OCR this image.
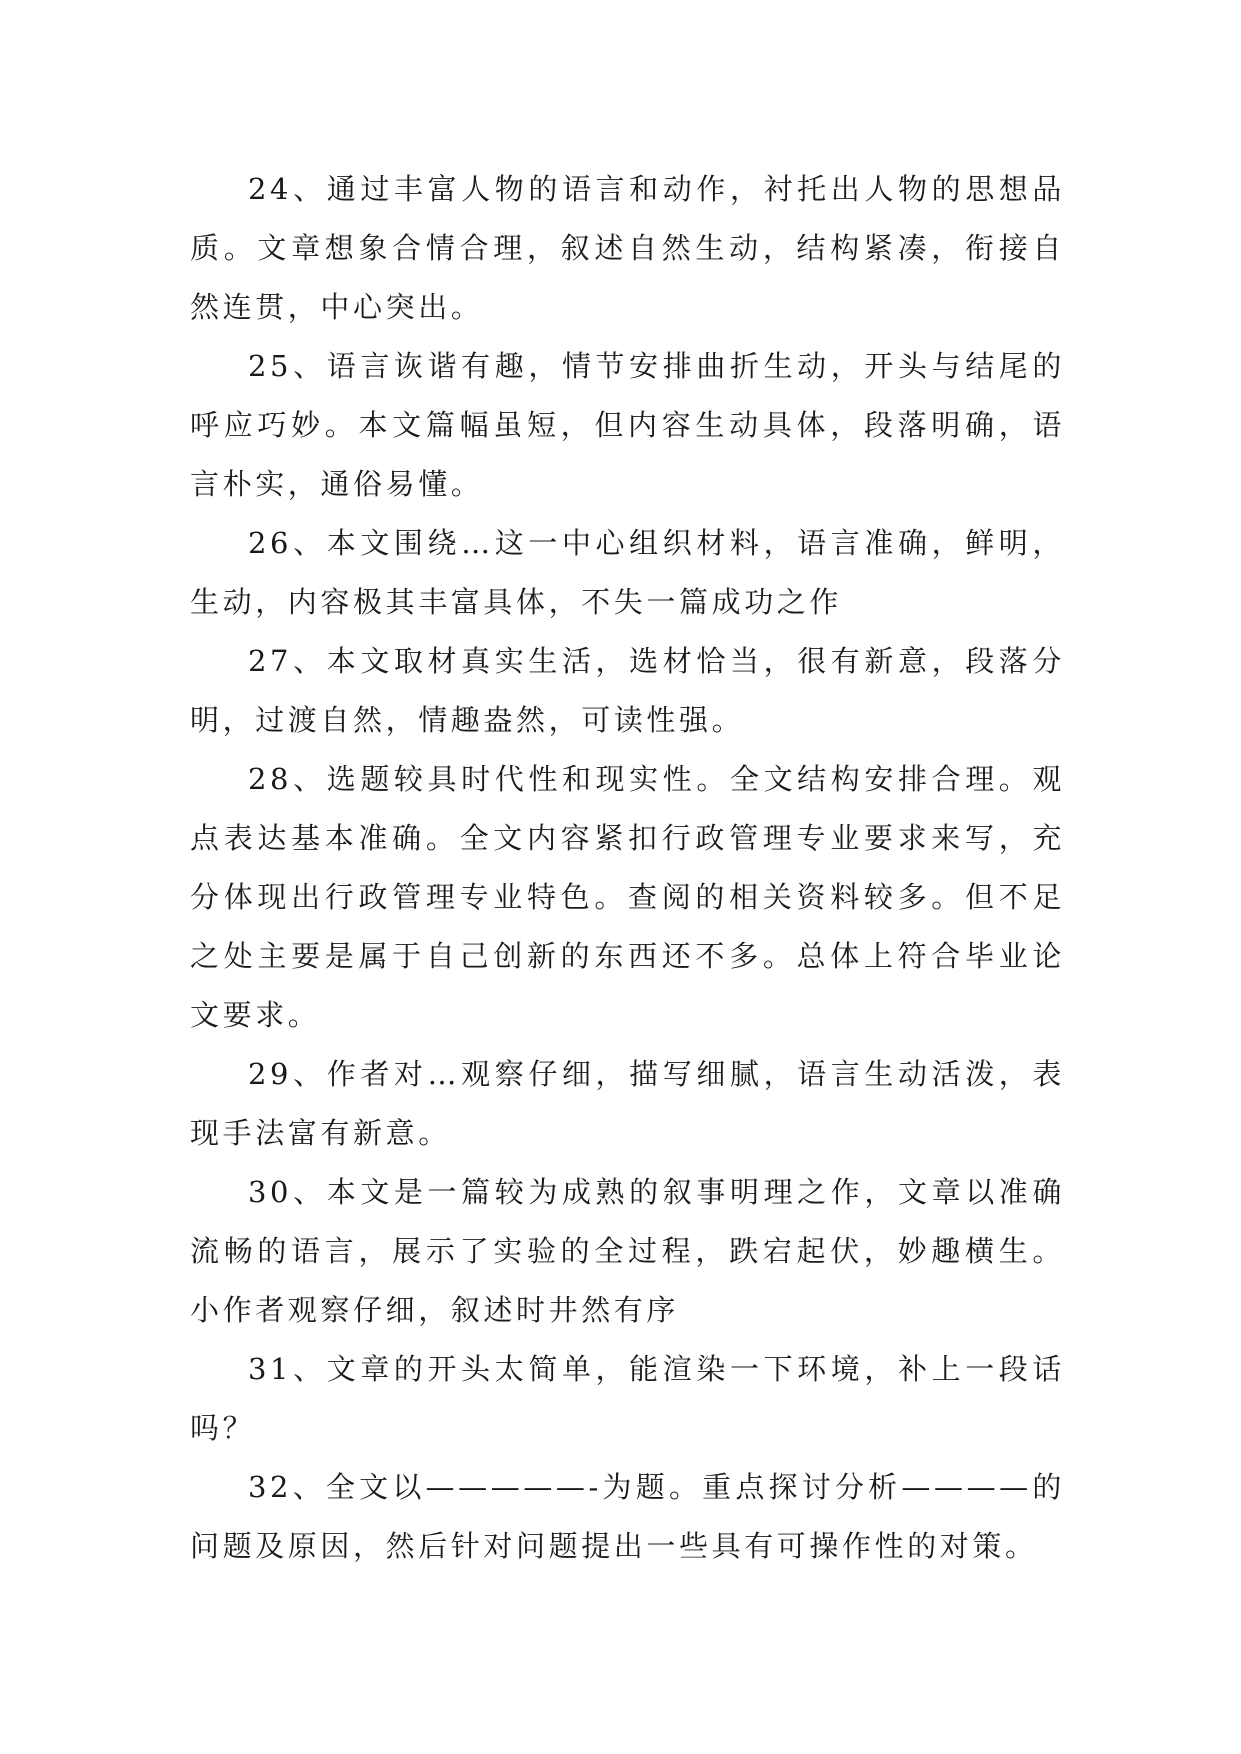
24、通过丰富人物的语言和动作，衬托出人物的思想品质。文章想象合情合理，叙述自然生动，结构紧凑，衔接自然连贯，中心突出。

25、语言诙谐有趣，情节安排曲折生动，开头与结尾的呼应巧妙。本文篇幅虽短，但内容生动具体，段落明确，语言朴实，通俗易懂。

26、本文围绕…这一中心组织材料，语言准确，鲜明，生动，内容极其丰富具体，不失一篇成功之作

27、本文取材真实生活，选材恰当，很有新意，段落分明，过渡自然，情趣盎然，可读性强。

28、选题较具时代性和现实性。全文结构安排合理。观点表达基本准确。全文内容紧扣行政管理专业要求来写，充分体现出行政管理专业特色。查阅的相关资料较多。但不足之处主要是属于自己创新的东西还不多。总体上符合毕业论文要求。

29、作者对…观察仔细，描写细腻，语言生动活泼，表现手法富有新意。

30、本文是一篇较为成熟的叙事明理之作，文章以准确流畅的语言，展示了实验的全过程，跌宕起伏，妙趣横生。小作者观察仔细，叙述时井然有序

31、文章的开头太简单，能渲染一下环境，补上一段话吗？

32、全文以—————-为题。重点探讨分析————的问题及原因，然后针对问题提出一些具有可操作性的对策。
